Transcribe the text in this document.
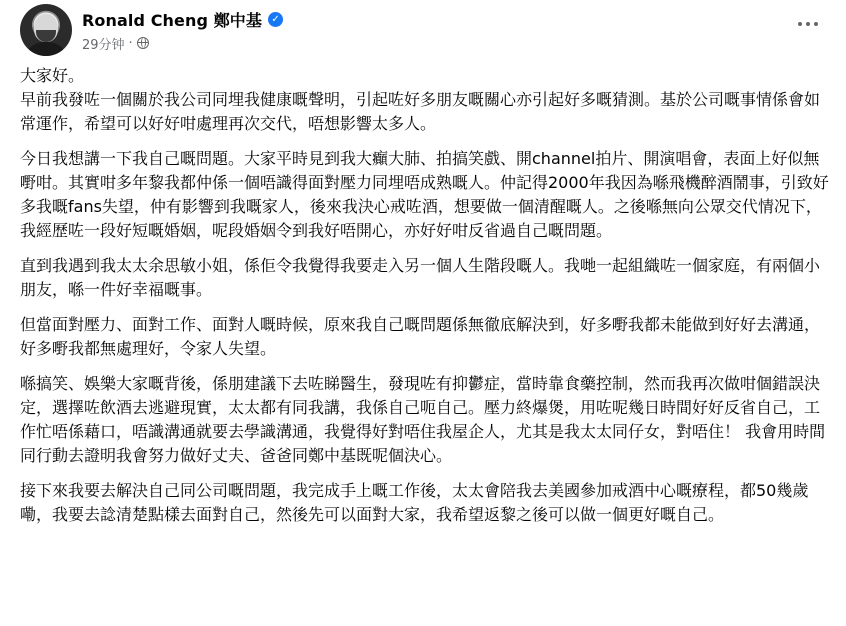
Ronald Cheng 鄭中基 ✓
29分钟 ·

大家好。

早前我發咗一個關於我公司同埋我健康嘅聲明，引起咗好多朋友嘅關心亦引起好多嘅猜測。基於公司嘅事情係會如常運作，希望可以好好咁處理再次交代，唔想影響太多人。

今日我想講一下我自己嘅問題。大家平時見到我大癲大肺、拍搞笑戲、開channel拍片、開演唱會，表面上好似無嘢咁。其實咁多年黎我都仲係一個唔識得面對壓力同埋唔成熟嘅人。仲記得2000年我因為喺飛機醉酒鬧事，引致好多我嘅fans失望，仲有影響到我嘅家人，後來我決心戒咗酒，想要做一個清醒嘅人。之後喺無向公眾交代情况下，我經歷咗一段好短嘅婚姻，呢段婚姻令到我好唔開心，亦好好咁反省過自己嘅問題。

直到我遇到我太太余思敏小姐，係佢令我覺得我要走入另一個人生階段嘅人。我哋一起組織咗一個家庭，有兩個小朋友，喺一件好幸福嘅事。

但當面對壓力、面對工作、面對人嘅時候，原來我自己嘅問題係無徹底解決到，好多嘢我都未能做到好好去溝通，好多嘢我都無處理好，令家人失望。

喺搞笑、娛樂大家嘅背後，係朋建議下去咗睇醫生，發現咗有抑鬱症，當時靠食藥控制，然而我再次做咁個錯誤決定，選擇咗飲酒去逃避現實，太太都有同我講，我係自己呃自己。壓力終爆煲，用咗呢幾日時間好好反省自己，工作忙唔係藉口，唔識溝通就要去學識溝通，我覺得好對唔住我屋企人，尤其是我太太同仔女，對唔住！ 我會用時間同行動去證明我會努力做好丈夫、爸爸同鄭中基既呢個決心。

接下來我要去解決自己同公司嘅問題，我完成手上嘅工作後，太太會陪我去美國參加戒酒中心嘅療程，都50幾歲嘞，我要去諗清楚點樣去面對自己，然後先可以面對大家，我希望返黎之後可以做一個更好嘅自己。
